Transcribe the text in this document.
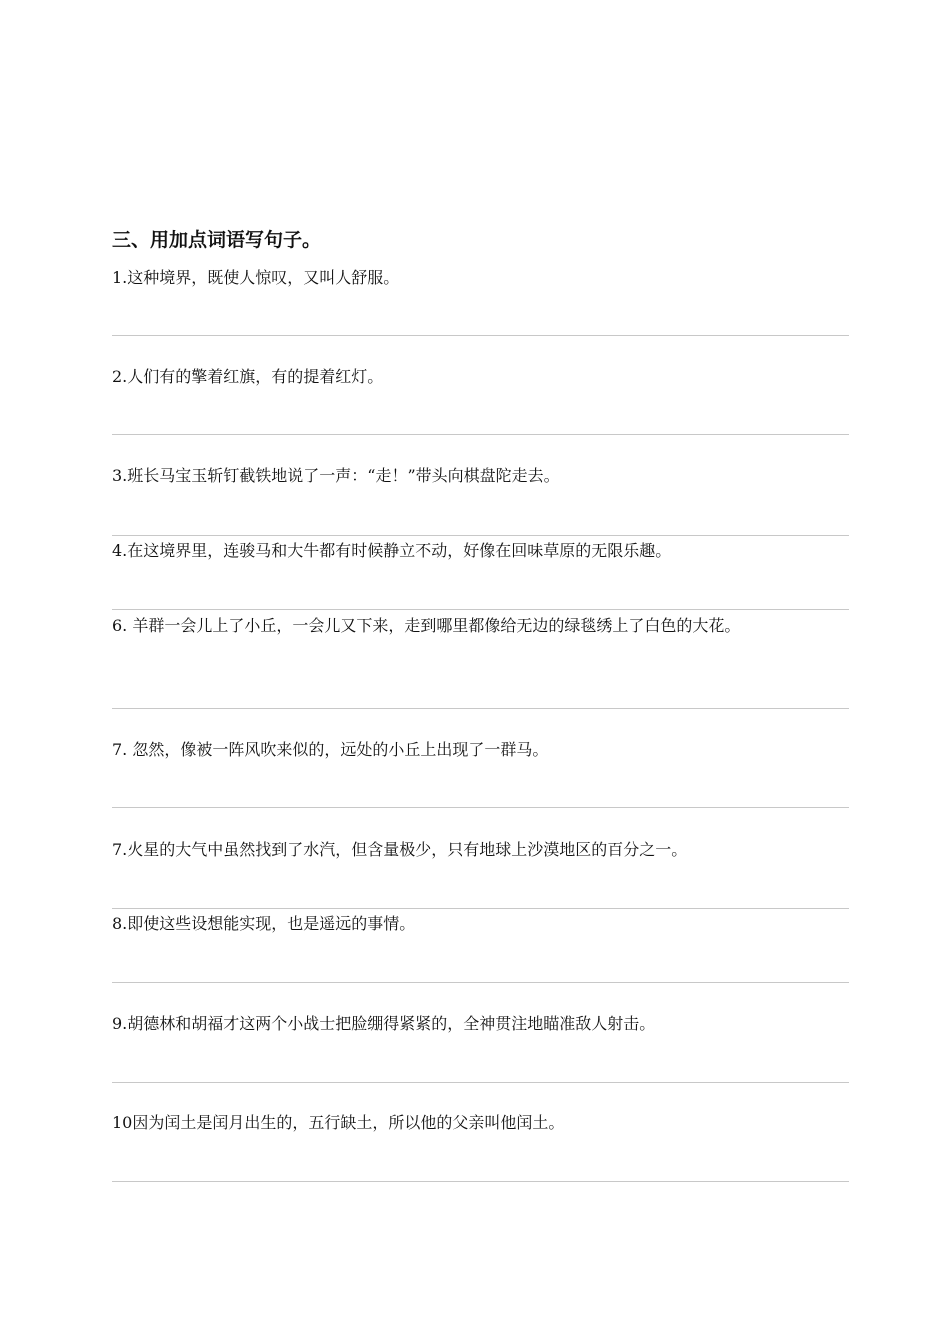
三、用加点词语写句子。

1.这种境界，既使人惊叹，又叫人舒服。

2.人们有的擎着红旗，有的提着红灯。

3.班长马宝玉斩钉截铁地说了一声：“走！”带头向棋盘陀走去。

4.在这境界里，连骏马和大牛都有时候静立不动，好像在回味草原的无限乐趣。

6. 羊群一会儿上了小丘，一会儿又下来，走到哪里都像给无边的绿毯绣上了白色的大花。

7. 忽然，像被一阵风吹来似的，远处的小丘上出现了一群马。

7.火星的大气中虽然找到了水汽，但含量极少，只有地球上沙漠地区的百分之一。

8.即使这些设想能实现，也是遥远的事情。

9.胡德林和胡福才这两个小战士把脸绷得紧紧的，全神贯注地瞄准敌人射击。

10因为闰土是闰月出生的，五行缺土，所以他的父亲叫他闰土。
